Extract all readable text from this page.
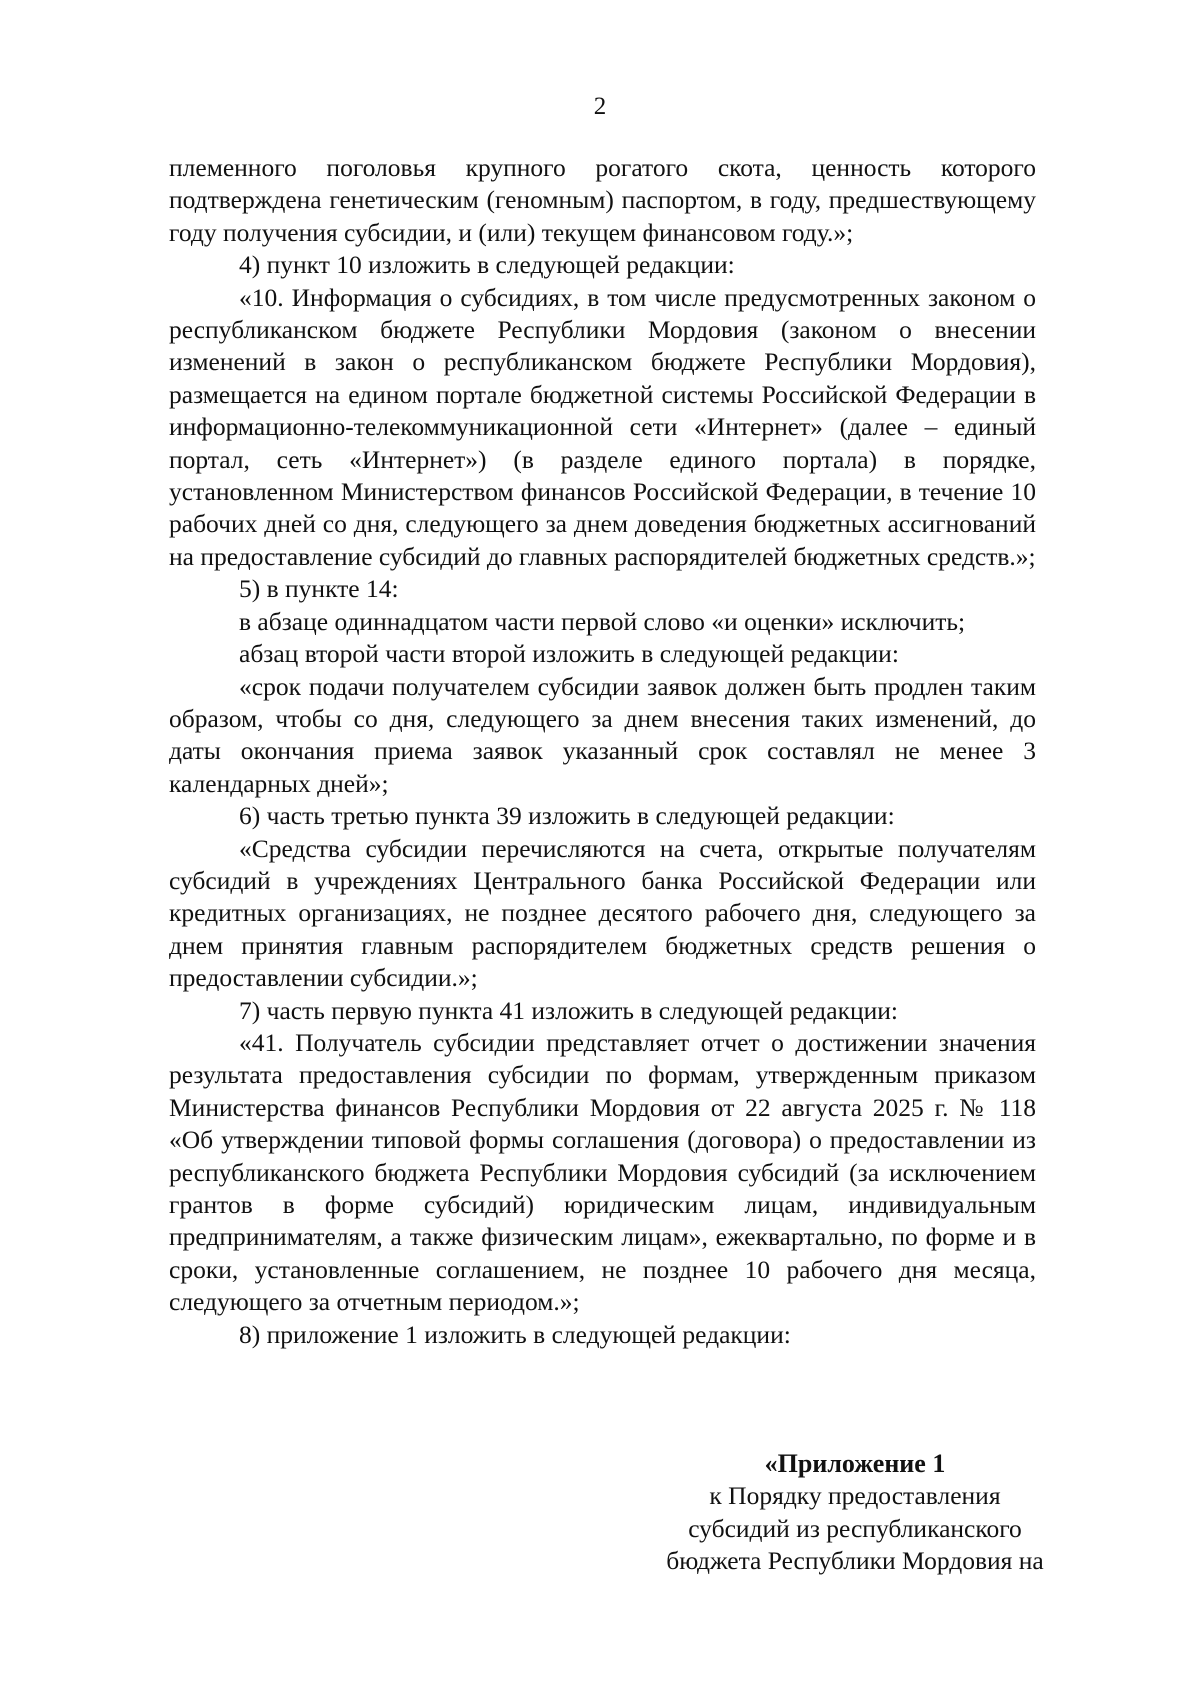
2

племенного поголовья крупного рогатого скота, ценность которого подтверждена генетическим (геномным) паспортом, в году, предшествующему году получения субсидии, и (или) текущем финансовом году.»;

4) пункт 10 изложить в следующей редакции:

«10. Информация о субсидиях, в том числе предусмотренных законом о республиканском бюджете Республики Мордовия (законом о внесении изменений в закон о республиканском бюджете Республики Мордовия), размещается на едином портале бюджетной системы Российской Федерации в информационно-телекоммуникационной сети «Интернет» (далее – единый портал, сеть «Интернет») (в разделе единого портала) в порядке, установленном Министерством финансов Российской Федерации, в течение 10 рабочих дней со дня, следующего за днем доведения бюджетных ассигнований на предоставление субсидий до главных распорядителей бюджетных средств.»;

5) в пункте 14:

в абзаце одиннадцатом части первой слово «и оценки» исключить;

абзац второй части второй изложить в следующей редакции:

«срок подачи получателем субсидии заявок должен быть продлен таким образом, чтобы со дня, следующего за днем внесения таких изменений, до даты окончания приема заявок указанный срок составлял не менее 3 календарных дней»;

6) часть третью пункта 39 изложить в следующей редакции:

«Средства субсидии перечисляются на счета, открытые получателям субсидий в учреждениях Центрального банка Российской Федерации или кредитных организациях, не позднее десятого рабочего дня, следующего за днем принятия главным распорядителем бюджетных средств решения о предоставлении субсидии.»;

7) часть первую пункта 41 изложить в следующей редакции:

«41. Получатель субсидии представляет отчет о достижении значения результата предоставления субсидии по формам, утвержденным приказом Министерства финансов Республики Мордовия от 22 августа 2025 г. № 118 «Об утверждении типовой формы соглашения (договора) о предоставлении из республиканского бюджета Республики Мордовия субсидий (за исключением грантов в форме субсидий) юридическим лицам, индивидуальным предпринимателям, а также физическим лицам», ежеквартально, по форме и в сроки, установленные соглашением, не позднее 10 рабочего дня месяца, следующего за отчетным периодом.»;

8) приложение 1 изложить в следующей редакции:

«Приложение 1
к Порядку предоставления
субсидий из республиканского
бюджета Республики Мордовия на
